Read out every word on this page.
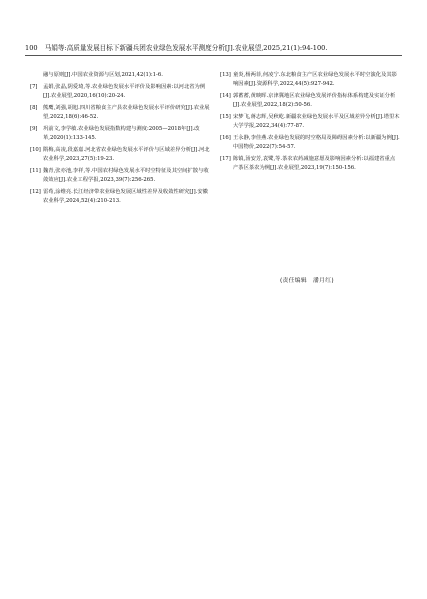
100 马娟等:高质量发展目标下新疆兵团农业绿色发展水平测度分析[J].农业展望,2025,21(1):94-100.
融与原则[J].中国农业资源与区划,2021,42(1):1-6.
[7]	孟娟,张晶,阴爱琦,等.农业绿色发展水平评价及影响因素:以河北省为例[J].农业展望,2020,16(10):20-24.
[8]	熊鹰,刘强,胡旭.四川省粮食主产县农业绿色发展水平评价研究[J].农业展望,2022,18(6):46-52.
[9]	巩前文,李学敏.农业绿色发展指数构建与测度:2005—2018年[J].改革,2020(1):133-145.
[10] 隋梅,高凌,段嘉嘉.河北省农业绿色发展水平评价与区域差异分析[J].河北农业科学,2023,27(5):19-23.
[11] 魏青,张亦池,李祥,等.中国农村绿色发展水平时空特征及其空间扩散与收敛效应[J].农业工程学报,2023,39(7):256-265.
[12] 雷荀,涂维亮.长江经济带农业绿色发展区域性差异及收敛性研究[J].安徽农业科学,2024,52(4):210-213.
[13] 童炎,杨两菲,何凌宁.东北粮食主产区农业绿色发展水平时空演化及其影响因素[J].资源科学,2022,44(5):927-942.
[14] 郭蓄蓄,黄映晖.京津冀地区农业绿色发展评价指标体系构建及实证分析[J].农业展望,2022,18(2):50-56.
[15] 宋梦飞,蒋志辉,吴秋屹.新疆农业绿色发展水平及区域差异分析[J].塔里木大学学报,2022,34(4):77-87.
[16] 王永静,李佳燕.农业绿色发展的时空格局及障碍因素分析:以新疆为例[J].中国物价,2022(7):54-57.
[17] 陈镇,汤安芳,袁鹭,等.茶农农药减施意愿及影响因素分析:以福建省重点产茶区茶农为例[J].农业展望,2023,19(7):150-156.
(责任编辑　潘月红)
